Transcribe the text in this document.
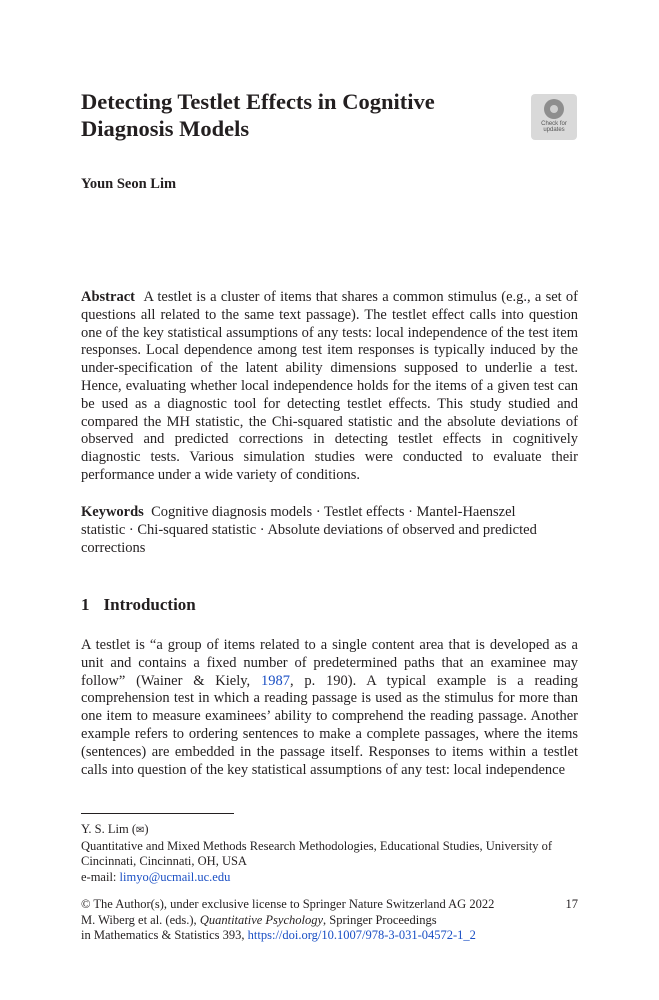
Detecting Testlet Effects in Cognitive
Diagnosis Models	Check for
updates
Youn Seon Lim
Abstract A testlet is a cluster of items that shares a common stimulus (e.g., a set of questions all related to the same text passage). The testlet effect calls into question one of the key statistical assumptions of any tests: local independence of the test item responses. Local dependence among test item responses is typically induced by the under-specification of the latent ability dimensions supposed to underlie a test. Hence, evaluating whether local independence holds for the items of a given test can be used as a diagnostic tool for detecting testlet effects. This study studied and compared the MH statistic, the Chi-squared statistic and the absolute deviations of observed and predicted corrections in detecting testlet effects in cognitively diagnostic tests. Various simulation studies were conducted to evaluate their performance under a wide variety of conditions.
Keywords Cognitive diagnosis models · Testlet effects · Mantel-Haenszel
statistic · Chi-squared statistic · Absolute deviations of observed and predicted
corrections
1 Introduction
A testlet is “a group of items related to a single content area that is developed as a unit and contains a fixed number of predetermined paths that an examinee may follow” (Wainer & Kiely, 1987, p. 190). A typical example is a reading comprehension test in which a reading passage is used as the stimulus for more than one item to measure examinees’ ability to comprehend the reading passage. Another example refers to ordering sentences to make a complete passages, where the items (sentences) are embedded in the passage itself. Responses to items within a testlet calls into question of the key statistical assumptions of any test: local independence
Y. S. Lim (✉)
Quantitative and Mixed Methods Research Methodologies, Educational Studies, University of
Cincinnati, Cincinnati, OH, USA
e-mail: limyo@ucmail.uc.edu
17
© The Author(s), under exclusive license to Springer Nature Switzerland AG 2022
M. Wiberg et al. (eds.), Quantitative Psychology, Springer Proceedings
in Mathematics & Statistics 393, https://doi.org/10.1007/978-3-031-04572-1_2
